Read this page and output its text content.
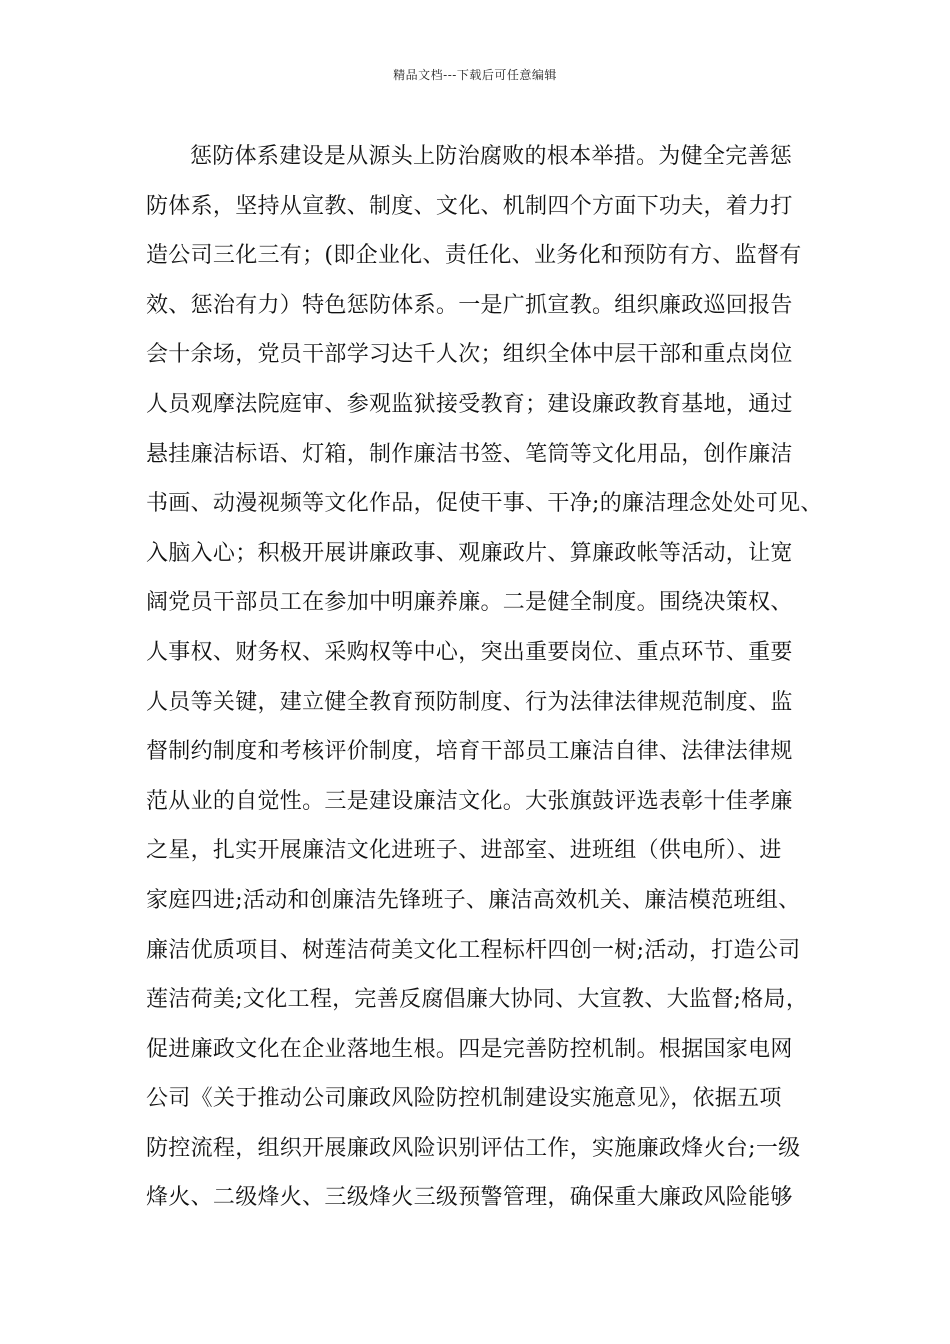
精品文档---下载后可任意编辑
惩防体系建设是从源头上防治腐败的根本举措。为健全完善惩
防体系，坚持从宣教、制度、文化、机制四个方面下功夫，着力打
造公司三化三有；(即企业化、责任化、业务化和预防有方、监督有
效、惩治有力）特色惩防体系。一是广抓宣教。组织廉政巡回报告
会十余场，党员干部学习达千人次；组织全体中层干部和重点岗位
人员观摩法院庭审、参观监狱接受教育；建设廉政教育基地，通过
悬挂廉洁标语、灯箱，制作廉洁书签、笔筒等文化用品，创作廉洁
书画、动漫视频等文化作品，促使干事、干净;的廉洁理念处处可见、
入脑入心；积极开展讲廉政事、观廉政片、算廉政帐等活动，让宽
阔党员干部员工在参加中明廉养廉。二是健全制度。围绕决策权、
人事权、财务权、采购权等中心，突出重要岗位、重点环节、重要
人员等关键，建立健全教育预防制度、行为法律法律规范制度、监
督制约制度和考核评价制度，培育干部员工廉洁自律、法律法律规
范从业的自觉性。三是建设廉洁文化。大张旗鼓评选表彰十佳孝廉
之星，扎实开展廉洁文化进班子、进部室、进班组（供电所）、进
家庭四进;活动和创廉洁先锋班子、廉洁高效机关、廉洁模范班组、
廉洁优质项目、树莲洁荷美文化工程标杆四创一树;活动，打造公司
莲洁荷美;文化工程，完善反腐倡廉大协同、大宣教、大监督;格局，
促进廉政文化在企业落地生根。四是完善防控机制。根据国家电网
公司《关于推动公司廉政风险防控机制建设实施意见》，依据五项
防控流程，组织开展廉政风险识别评估工作，实施廉政烽火台;一级
烽火、二级烽火、三级烽火三级预警管理，确保重大廉政风险能够
